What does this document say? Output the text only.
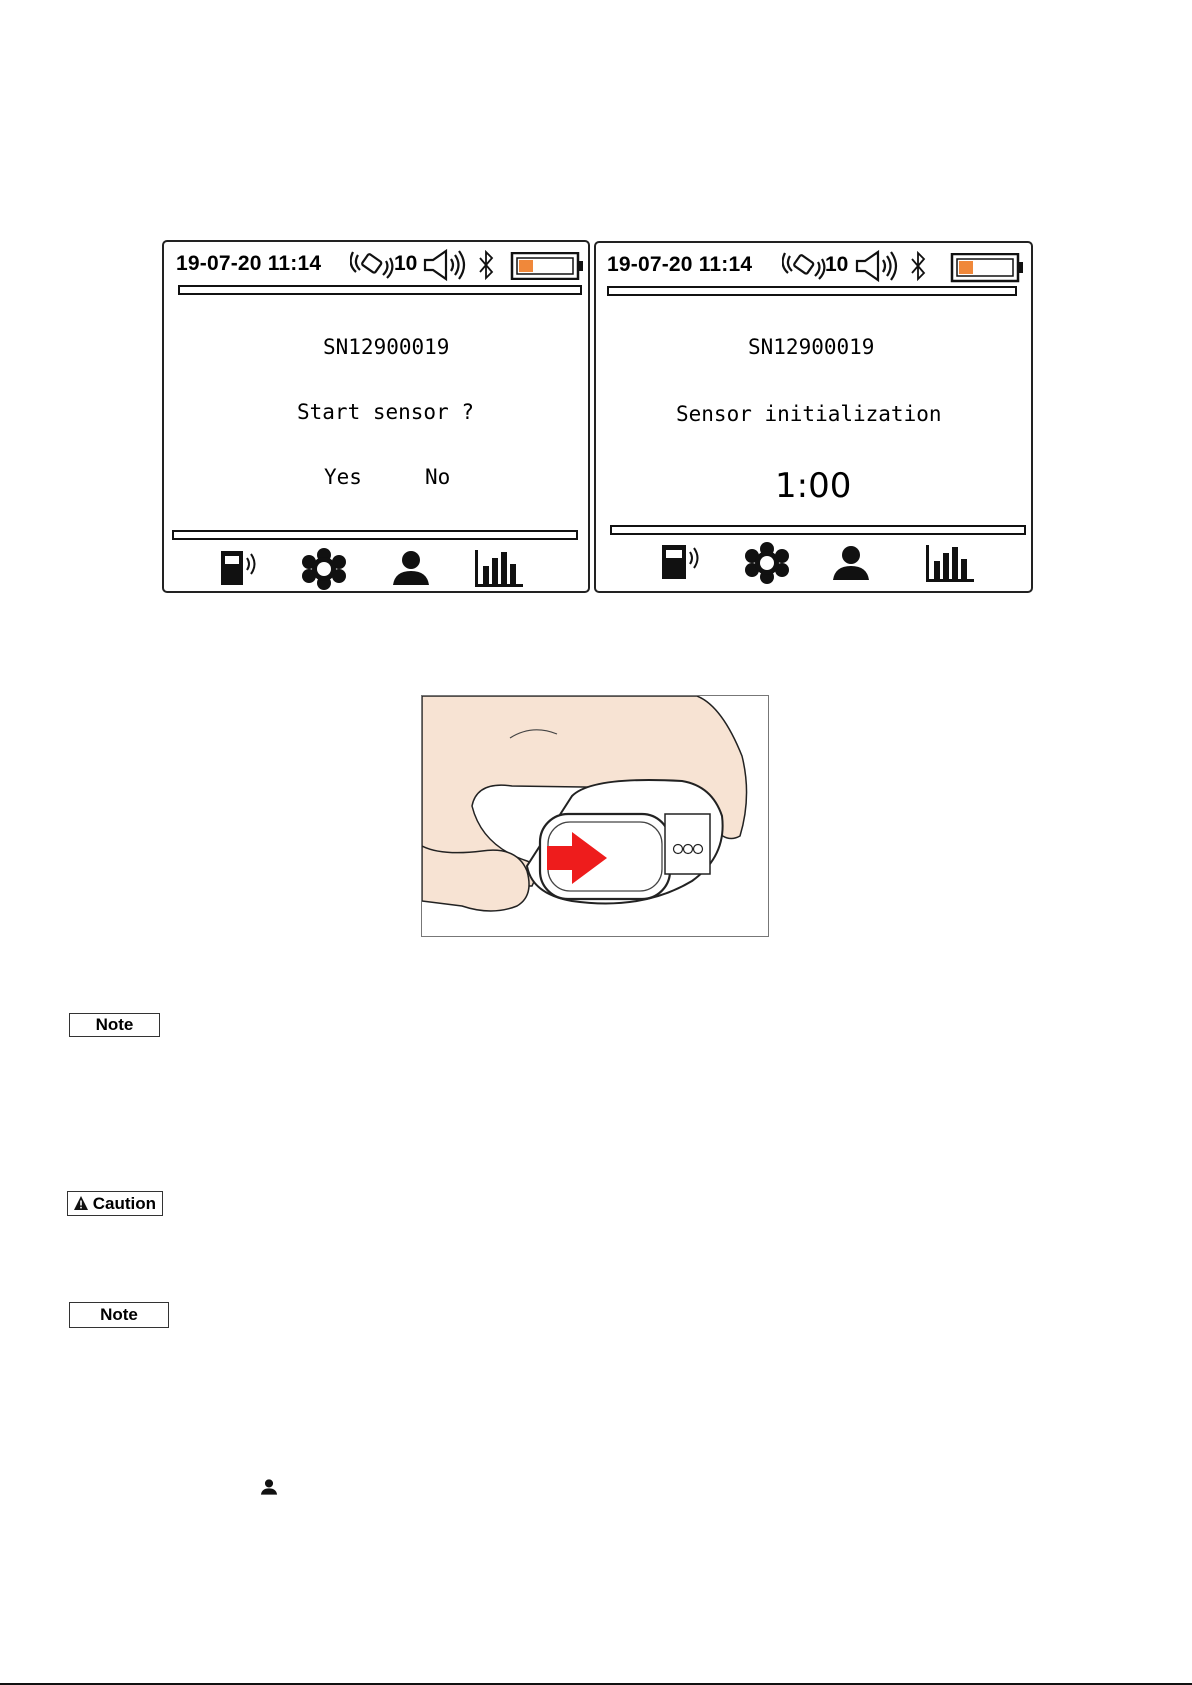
19-07-20 11:14	10
SN12900019
Start sensor ?
Yes	No
19-07-20 11:14	10
SN12900019
Sensor initialization
1:00
Note
Caution
Note
